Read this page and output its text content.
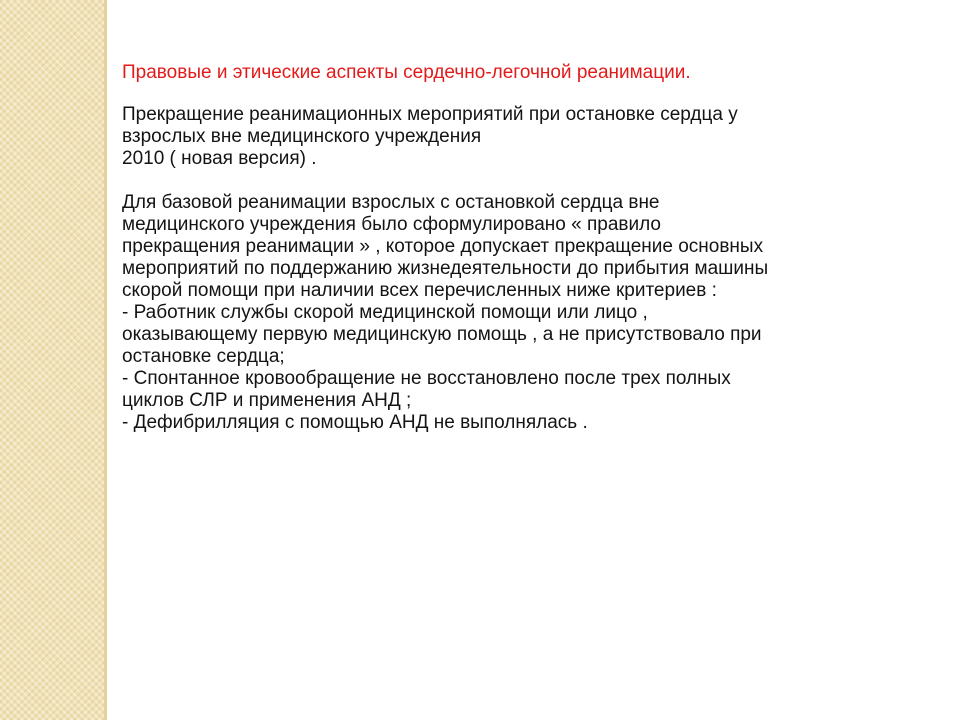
Правовые и этические аспекты сердечно-легочной реанимации.

Прекращение реанимационных мероприятий при остановке сердца у
взрослых вне медицинского учреждения
2010 ( новая версия) .
Для базовой реанимации взрослых с остановкой сердца вне
медицинского учреждения было сформулировано « правило
прекращения реанимации » , которое допускает прекращение основных
мероприятий по поддержанию жизнедеятельности до прибытия машины
скорой помощи при наличии всех перечисленных ниже критериев :
- Работник службы скорой медицинской помощи или лицо ,
оказывающему первую медицинскую помощь , а не присутствовало при
остановке сердца;
- Спонтанное кровообращение не восстановлено после трех полных
циклов СЛР и применения АНД ;
- Дефибрилляция с помощью АНД не выполнялась .
